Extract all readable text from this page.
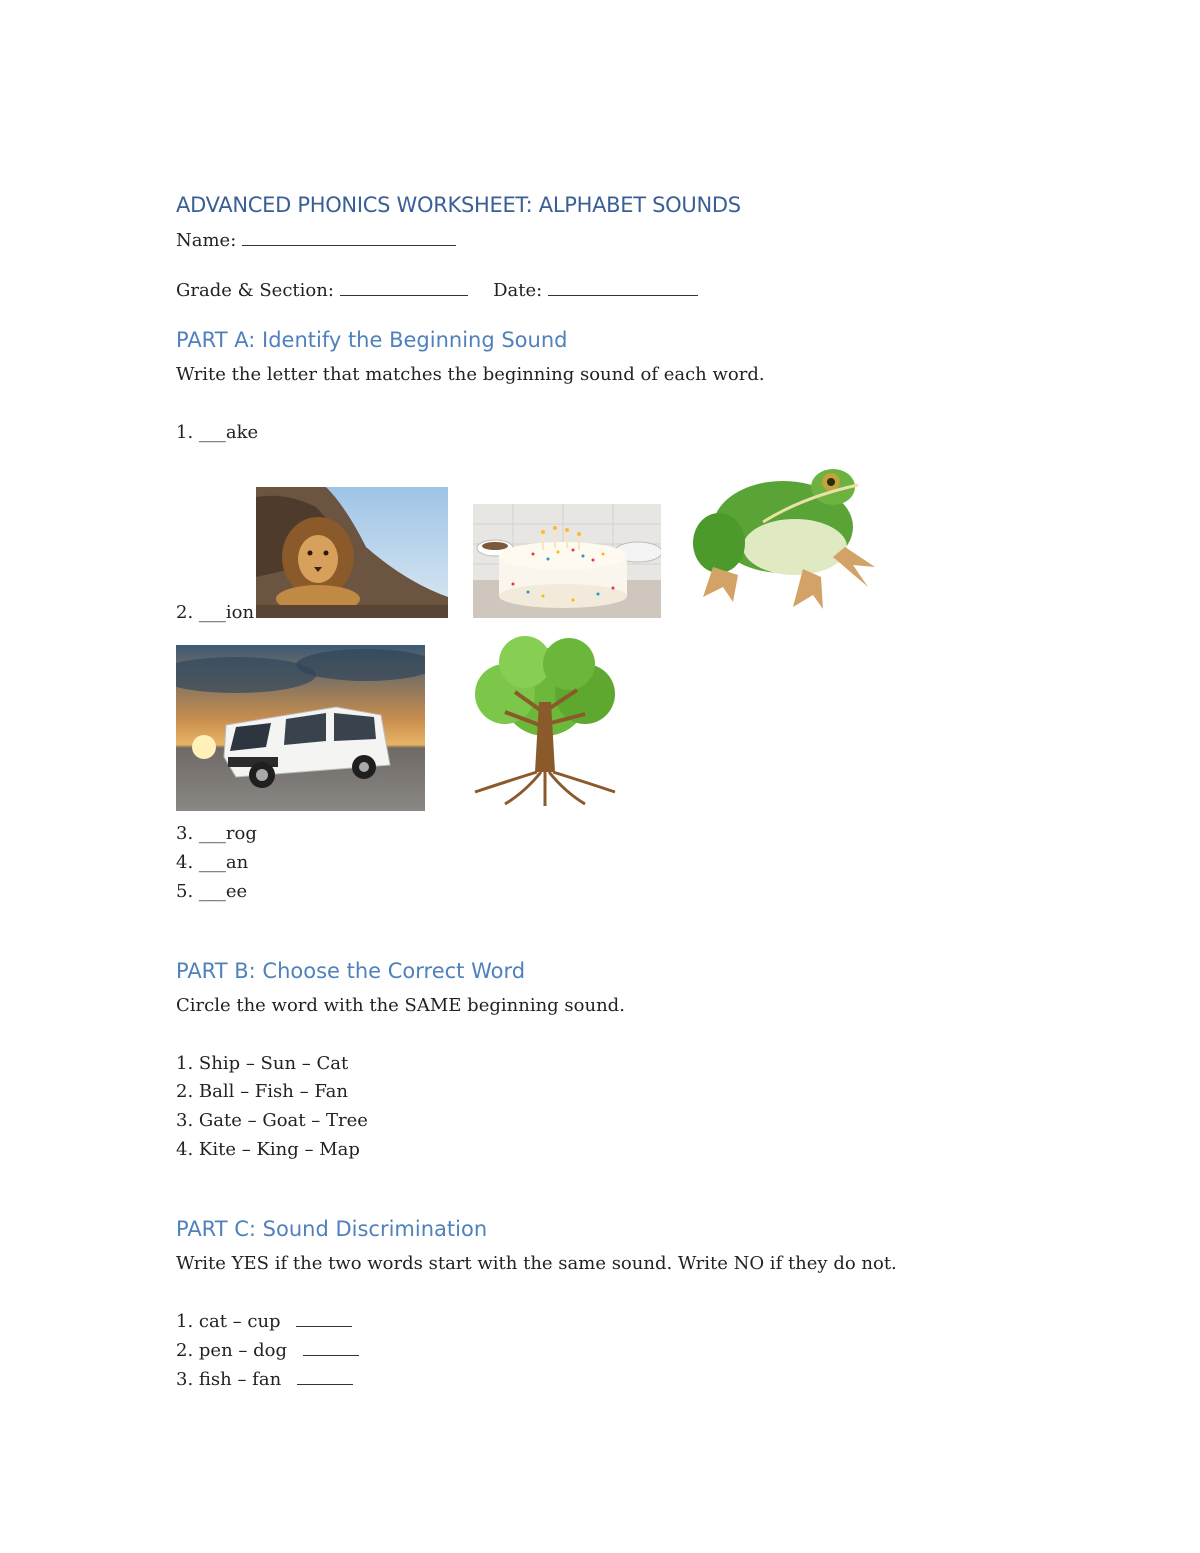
ADVANCED PHONICS WORKSHEET: ALPHABET SOUNDS
Name:
Grade & Section:	Date:
PART A: Identify the Beginning Sound
Write the letter that matches the beginning sound of each word.
1. ___ake
2. ___ion
3. ___rog
4. ___an
5. ___ee
PART B: Choose the Correct Word
Circle the word with the SAME beginning sound.
1. Ship – Sun – Cat
2. Ball – Fish – Fan
3. Gate – Goat – Tree
4. Kite – King – Map
PART C: Sound Discrimination
Write YES if the two words start with the same sound. Write NO if they do not.
1. cat – cup
2. pen – dog
3. fish – fan
